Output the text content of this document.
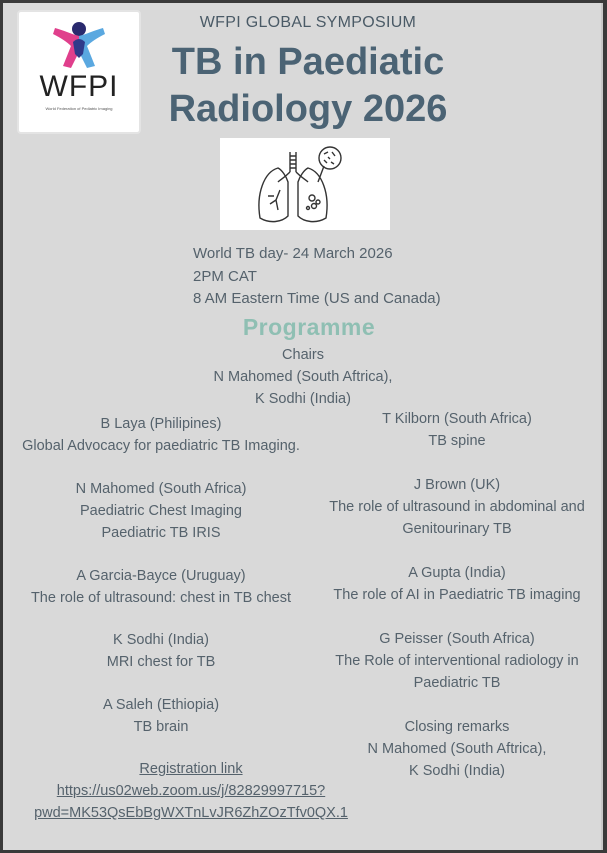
WFPI
World Federation of Pediatric Imaging
WFPI GLOBAL SYMPOSIUM
TB in Paediatic
Radiology 2026
World TB day- 24 March 2026
2PM CAT
8 AM Eastern Time (US and Canada)
Programme
Chairs
N Mahomed (South Aftrica),
K Sodhi (India)
B Laya (Philipines)
Global Advocacy for paediatric TB Imaging.
N Mahomed (South Africa)
Paediatric Chest Imaging
Paediatric TB IRIS
A Garcia-Bayce (Uruguay)
The role of ultrasound: chest in TB chest
K Sodhi (India)
MRI chest for TB
A Saleh (Ethiopia)
TB brain
T Kilborn (South Africa)
TB spine
J Brown (UK)
The role of ultrasound in abdominal and
Genitourinary TB
A Gupta (India)
The role of AI in Paediatric TB imaging
G Peisser (South Africa)
The Role of interventional radiology in
Paediatric TB
Closing remarks
N Mahomed (South Aftrica),
K Sodhi (India)
Registration link
https://us02web.zoom.us/j/82829997715?
pwd=MK53QsEbBgWXTnLvJR6ZhZOzTfv0QX.1
